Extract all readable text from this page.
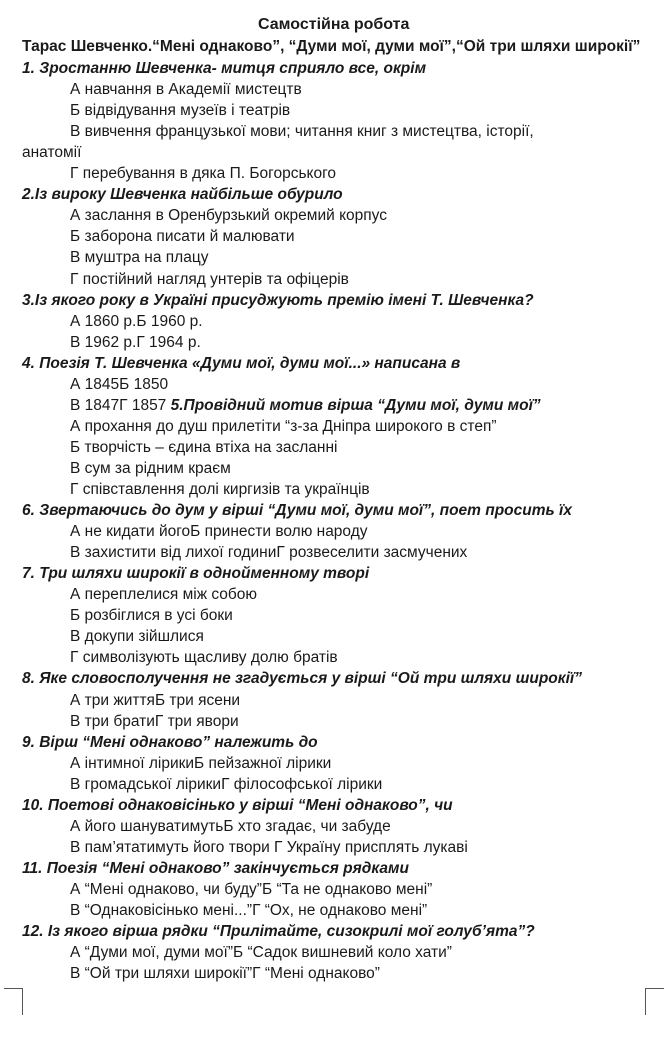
Самостійна робота
Тарас Шевченко.“Мені однаково”, “Думи мої, думи мої”,“Ой три шляхи широкії”
1. Зростанню Шевченка- митця сприяло все, окрім
А навчання в Академії мистецтв
Б відвідування музеїв і театрів
В вивчення французької мови; читання книг з мистецтва, історії,
анатомії
Г перебування в дяка П. Богорського
2.Із вироку Шевченка найбільше обурило
А заслання в Оренбурзький окремий корпус
Б заборона писати й малювати
В муштра на плацу
Г постійний нагляд унтерів та офіцерів
3.Із якого року в Україні присуджують премію імені Т. Шевченка?
А 1860 р.Б 1960 р.
В 1962 р.Г 1964 р.
4. Поезія Т. Шевченка «Думи мої, думи мої...» написана в
А 1845Б 1850
В 1847Г 1857 5.Провідний мотив вірша “Думи мої, думи мої”
А прохання до душ прилетіти “з-за Дніпра широкого в степ”
Б творчість – єдина втіха на засланні
В сум за рідним краєм
Г співставлення долі киргизів та українців
6. Звертаючись до дум у вірші “Думи мої, думи мої”, поет просить їх
А не кидати йогоБ принести волю народу
В захистити від лихої годиниГ розвеселити засмучених
7. Три шляхи широкії в однойменному творі
А переплелися між собою
Б розбіглися в усі боки
В докупи зійшлися
Г символізують щасливу долю братів
8. Яке словосполучення не згадується у вірші “Ой три шляхи широкії”
А три життяБ три ясени
В три братиГ три явори
9. Вірш “Мені однаково” належить до
А інтимної лірикиБ пейзажної лірики
В громадської лірикиГ філософської лірики
10. Поетові однаковісінько у вірші “Мені однаково”, чи
А його шануватимутьБ хто згадає, чи забуде
В пам’ятатимуть його твори Г Україну присплять лукаві
11. Поезія “Мені однаково” закінчується рядками
А “Мені однаково, чи буду”Б “Та не однаково мені”
В “Однаковісінько мені...”Г “Ох, не однаково мені”
12. Із якого вірша рядки “Прилітайте, сизокрилі мої голуб’ята”?
А “Думи мої, думи мої”Б “Садок вишневий коло хати”
В “Ой три шляхи широкії”Г “Мені однаково”
